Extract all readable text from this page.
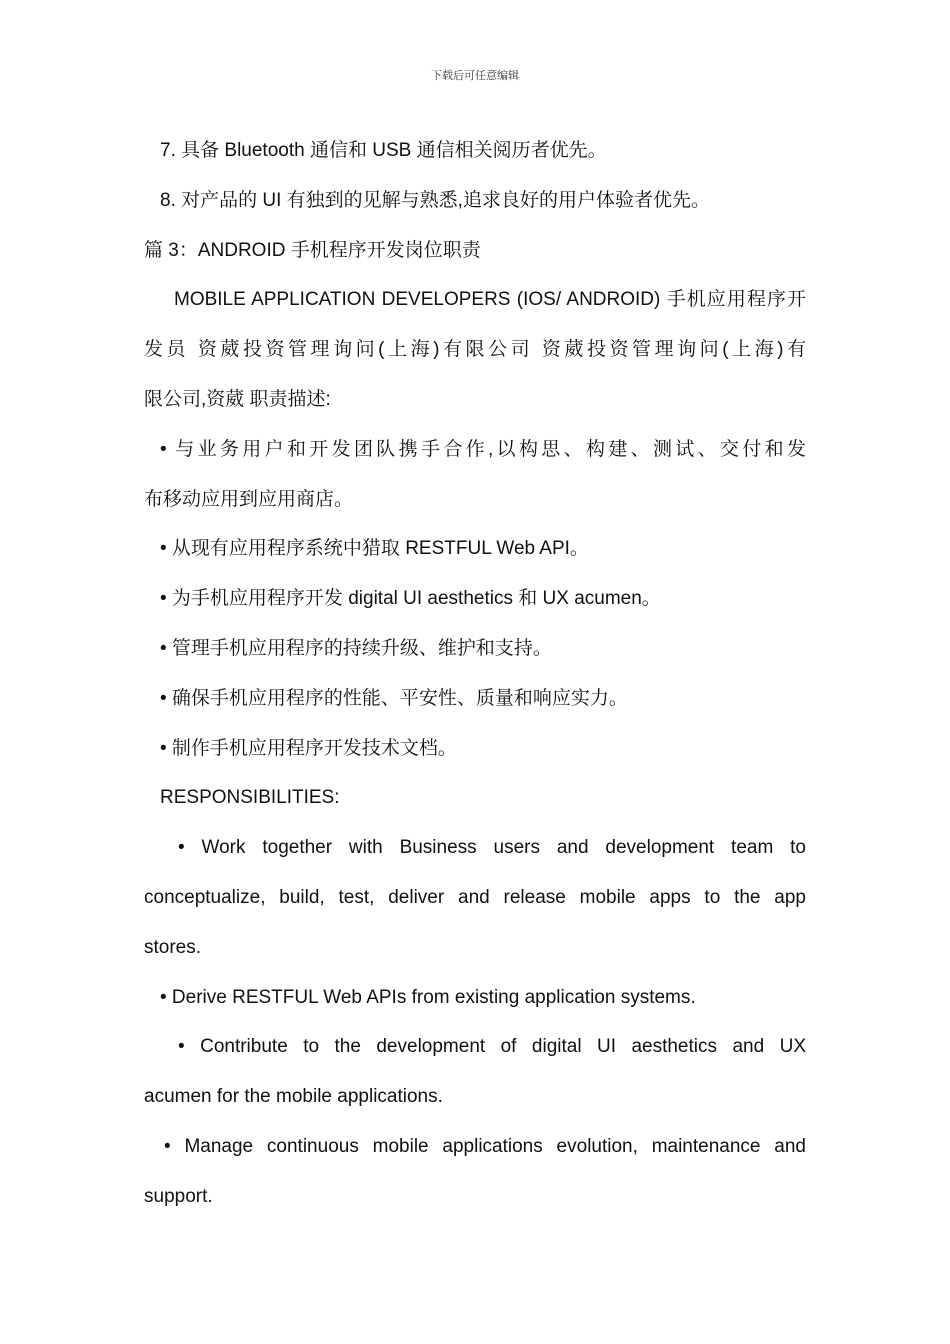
下载后可任意编辑
7. 具备 Bluetooth 通信和 USB 通信相关阅历者优先。
8. 对产品的 UI 有独到的见解与熟悉,追求良好的用户体验者优先。
篇 3：ANDROID 手机程序开发岗位职责
MOBILE APPLICATION DEVELOPERS (IOS/ ANDROID) 手机应用程序开
发员 资葳投资管理询问(上海)有限公司 资葳投资管理询问(上海)有
限公司,资葳 职责描述:
• 与业务用户和开发团队携手合作,以构思、构建、测试、交付和发
布移动应用到应用商店。
• 从现有应用程序系统中猎取 RESTFUL Web API。
• 为手机应用程序开发 digital UI aesthetics 和 UX acumen。
• 管理手机应用程序的持续升级、维护和支持。
• 确保手机应用程序的性能、平安性、质量和响应实力。
• 制作手机应用程序开发技术文档。
RESPONSIBILITIES:
• Work together with Business users and development team to
conceptualize, build, test, deliver and release mobile apps to the app
stores.
• Derive RESTFUL Web APIs from existing application systems.
• Contribute to the development of digital UI aesthetics and UX
acumen for the mobile applications.
• Manage continuous mobile applications evolution, maintenance and
support.
